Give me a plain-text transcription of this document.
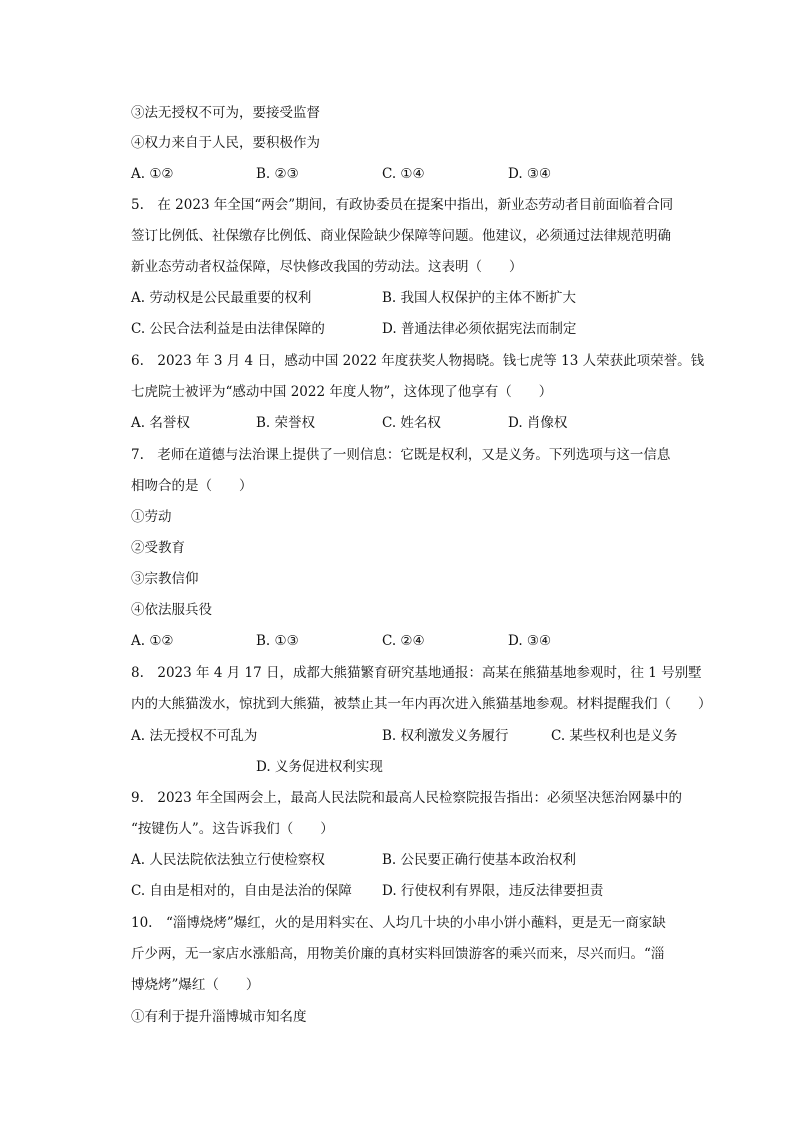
③法无授权不可为，要接受监督
④权力来自于人民，要积极作为
A. ①②	B. ②③	C. ①④	D. ③④
5.　在 2023 年全国“两会”期间，有政协委员在提案中指出，新业态劳动者目前面临着合同
签订比例低、社保缴存比例低、商业保险缺少保障等问题。他建议，必须通过法律规范明确
新业态劳动者权益保障，尽快修改我国的劳动法。这表明（　　）
A. 劳动权是公民最重要的权利	B. 我国人权保护的主体不断扩大
C. 公民合法利益是由法律保障的	D. 普通法律必须依据宪法而制定
6.　2023 年 3 月 4 日，感动中国 2022 年度获奖人物揭晓。钱七虎等 13 人荣获此项荣誉。钱
七虎院士被评为“感动中国 2022 年度人物”，这体现了他享有（　　）
A. 名誉权	B. 荣誉权	C. 姓名权	D. 肖像权
7.　老师在道德与法治课上提供了一则信息：它既是权利，又是义务。下列选项与这一信息
相吻合的是（　　）
①劳动
②受教育
③宗教信仰
④依法服兵役
A. ①②	B. ①③	C. ②④	D. ③④
8.　2023 年 4 月 17 日，成都大熊猫繁育研究基地通报：高某在熊猫基地参观时，往 1 号别墅
内的大熊猫泼水，惊扰到大熊猫，被禁止其一年内再次进入熊猫基地参观。材料提醒我们（　　）
A. 法无授权不可乱为	B. 权利激发义务履行	C. 某些权利也是义务
D. 义务促进权利实现
9.　2023 年全国两会上，最高人民法院和最高人民检察院报告指出：必须坚决惩治网暴中的
“按键伤人”。这告诉我们（　　）
A. 人民法院依法独立行使检察权	B. 公民要正确行使基本政治权利
C. 自由是相对的，自由是法治的保障 D. 行使权利有界限，违反法律要担责
10.　“淄博烧烤”爆红，火的是用料实在、人均几十块的小串小饼小蘸料，更是无一商家缺
斤少两，无一家店水涨船高，用物美价廉的真材实料回馈游客的乘兴而来，尽兴而归。“淄
博烧烤”爆红（　　）
①有利于提升淄博城市知名度
